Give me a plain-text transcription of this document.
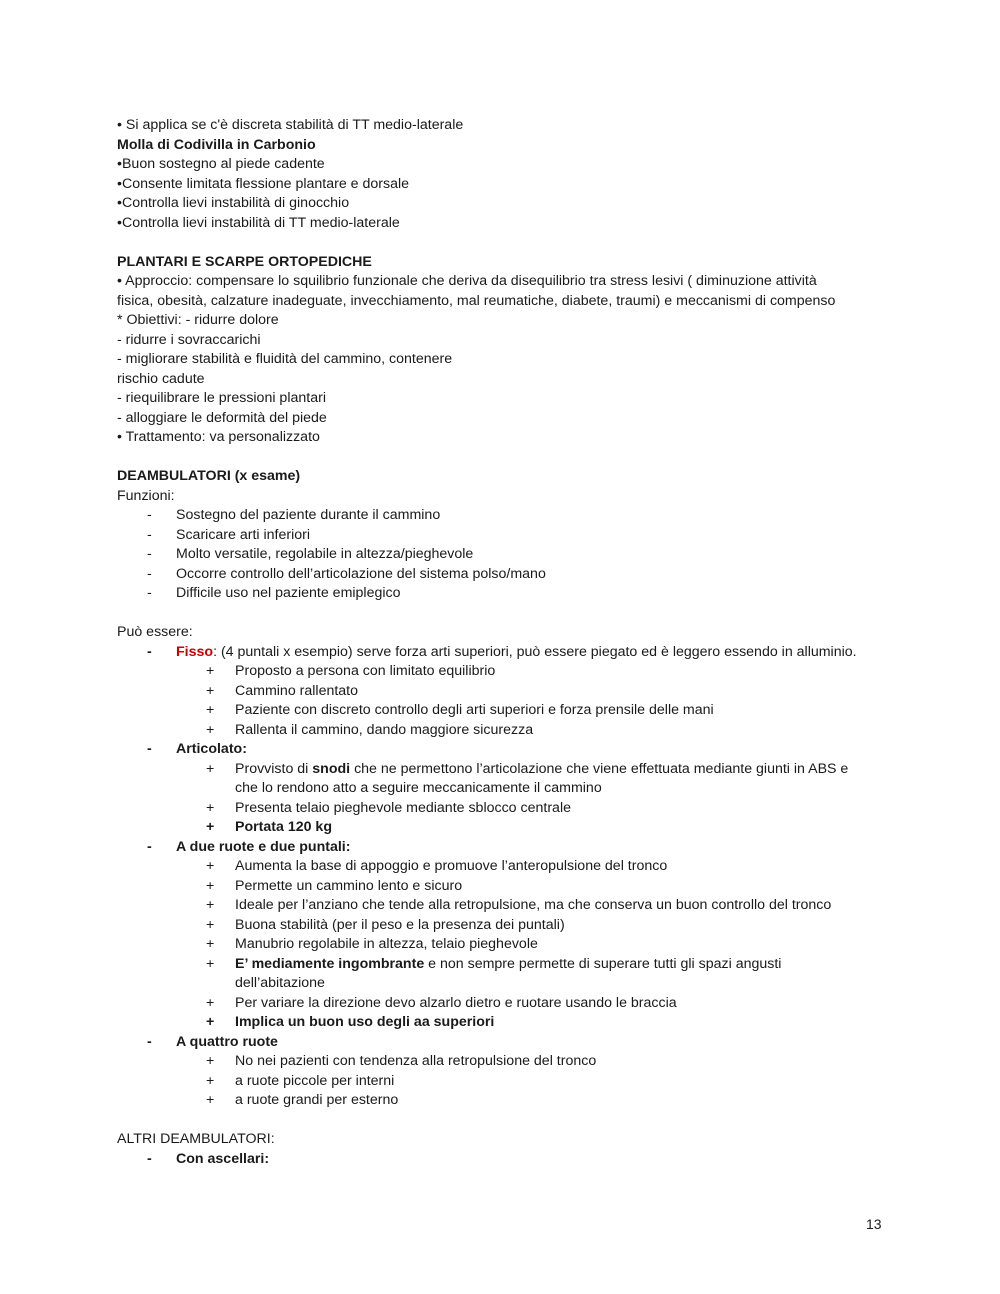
• Si applica se c'è discreta stabilità di TT medio-laterale
Molla di Codivilla in Carbonio
•Buon sostegno al piede cadente
•Consente limitata flessione plantare e dorsale
•Controlla lievi instabilità di ginocchio
•Controlla lievi instabilità di TT medio-laterale
PLANTARI E SCARPE ORTOPEDICHE
• Approccio: compensare lo squilibrio funzionale che deriva da disequilibrio tra stress lesivi ( diminuzione attività
fisica, obesità, calzature inadeguate, invecchiamento, mal reumatiche, diabete, traumi) e meccanismi di compenso
* Obiettivi: - ridurre dolore
- ridurre i sovraccarichi
- migliorare stabilità e fluidità del cammino, contenere
rischio cadute
- riequilibrare le pressioni plantari
- alloggiare le deformità del piede
• Trattamento: va personalizzato
DEAMBULATORI (x esame)
Funzioni:
- Sostegno del paziente durante il cammino
- Scaricare arti inferiori
- Molto versatile, regolabile in altezza/pieghevole
- Occorre controllo dell’articolazione del sistema polso/mano
- Difficile uso nel paziente emiplegico
Può essere:
- Fisso: (4 puntali x esempio) serve forza arti superiori, può essere piegato ed è leggero essendo in alluminio.
+ Proposto a persona con limitato equilibrio
+ Cammino rallentato
+ Paziente con discreto controllo degli arti superiori e forza prensile delle mani
+ Rallenta il cammino, dando maggiore sicurezza
- Articolato:
+ Provvisto di snodi che ne permettono l’articolazione che viene effettuata mediante giunti in ABS e
che lo rendono atto a seguire meccanicamente il cammino
+ Presenta telaio pieghevole mediante sblocco centrale
+ Portata 120 kg
- A due ruote e due puntali:
+ Aumenta la base di appoggio e promuove l’anteropulsione del tronco
+ Permette un cammino lento e sicuro
+ Ideale per l’anziano che tende alla retropulsione, ma che conserva un buon controllo del tronco
+ Buona stabilità (per il peso e la presenza dei puntali)
+ Manubrio regolabile in altezza, telaio pieghevole
+ E’ mediamente ingombrante e non sempre permette di superare tutti gli spazi angusti
dell’abitazione
+ Per variare la direzione devo alzarlo dietro e ruotare usando le braccia
+ Implica un buon uso degli aa superiori
- A quattro ruote
+ No nei pazienti con tendenza alla retropulsione del tronco
+ a ruote piccole per interni
+ a ruote grandi per esterno
ALTRI DEAMBULATORI:
- Con ascellari:
13
